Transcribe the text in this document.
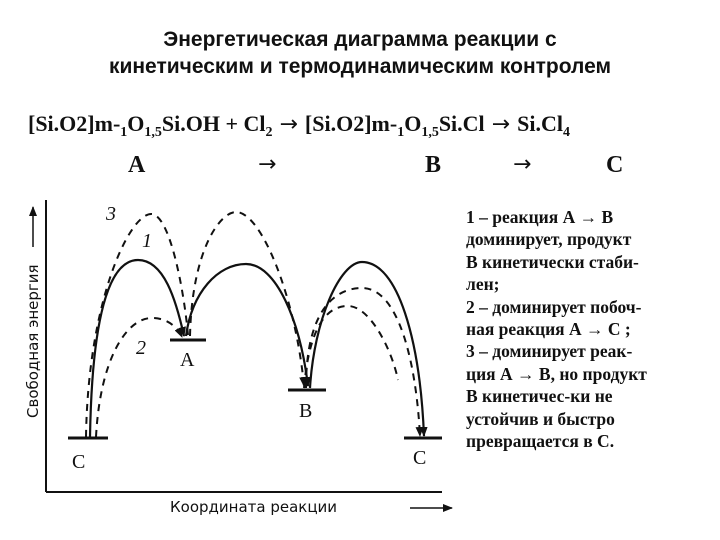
Энергетическая диаграмма реакции с
кинетическим и термодинамическим контролем
$[Si.O2]m-_1O_{1,5}Si.OH + Cl_2 \to [Si.O2]m-_1O_{1,5}Si.Cl \to Si.Cl_4$
A	→	B	→	C
Свободная энергия
Координата реакции
C
A
B
C
3
1
2
1 – реакция А → В
доминирует, продукт
В кинетически стаби-
лен;
2 – доминирует побоч-
ная реакция А → С ;
3 – доминирует реак-
ция А → В, но продукт
В кинетичес-ки не
устойчив и быстро
превращается в С.
